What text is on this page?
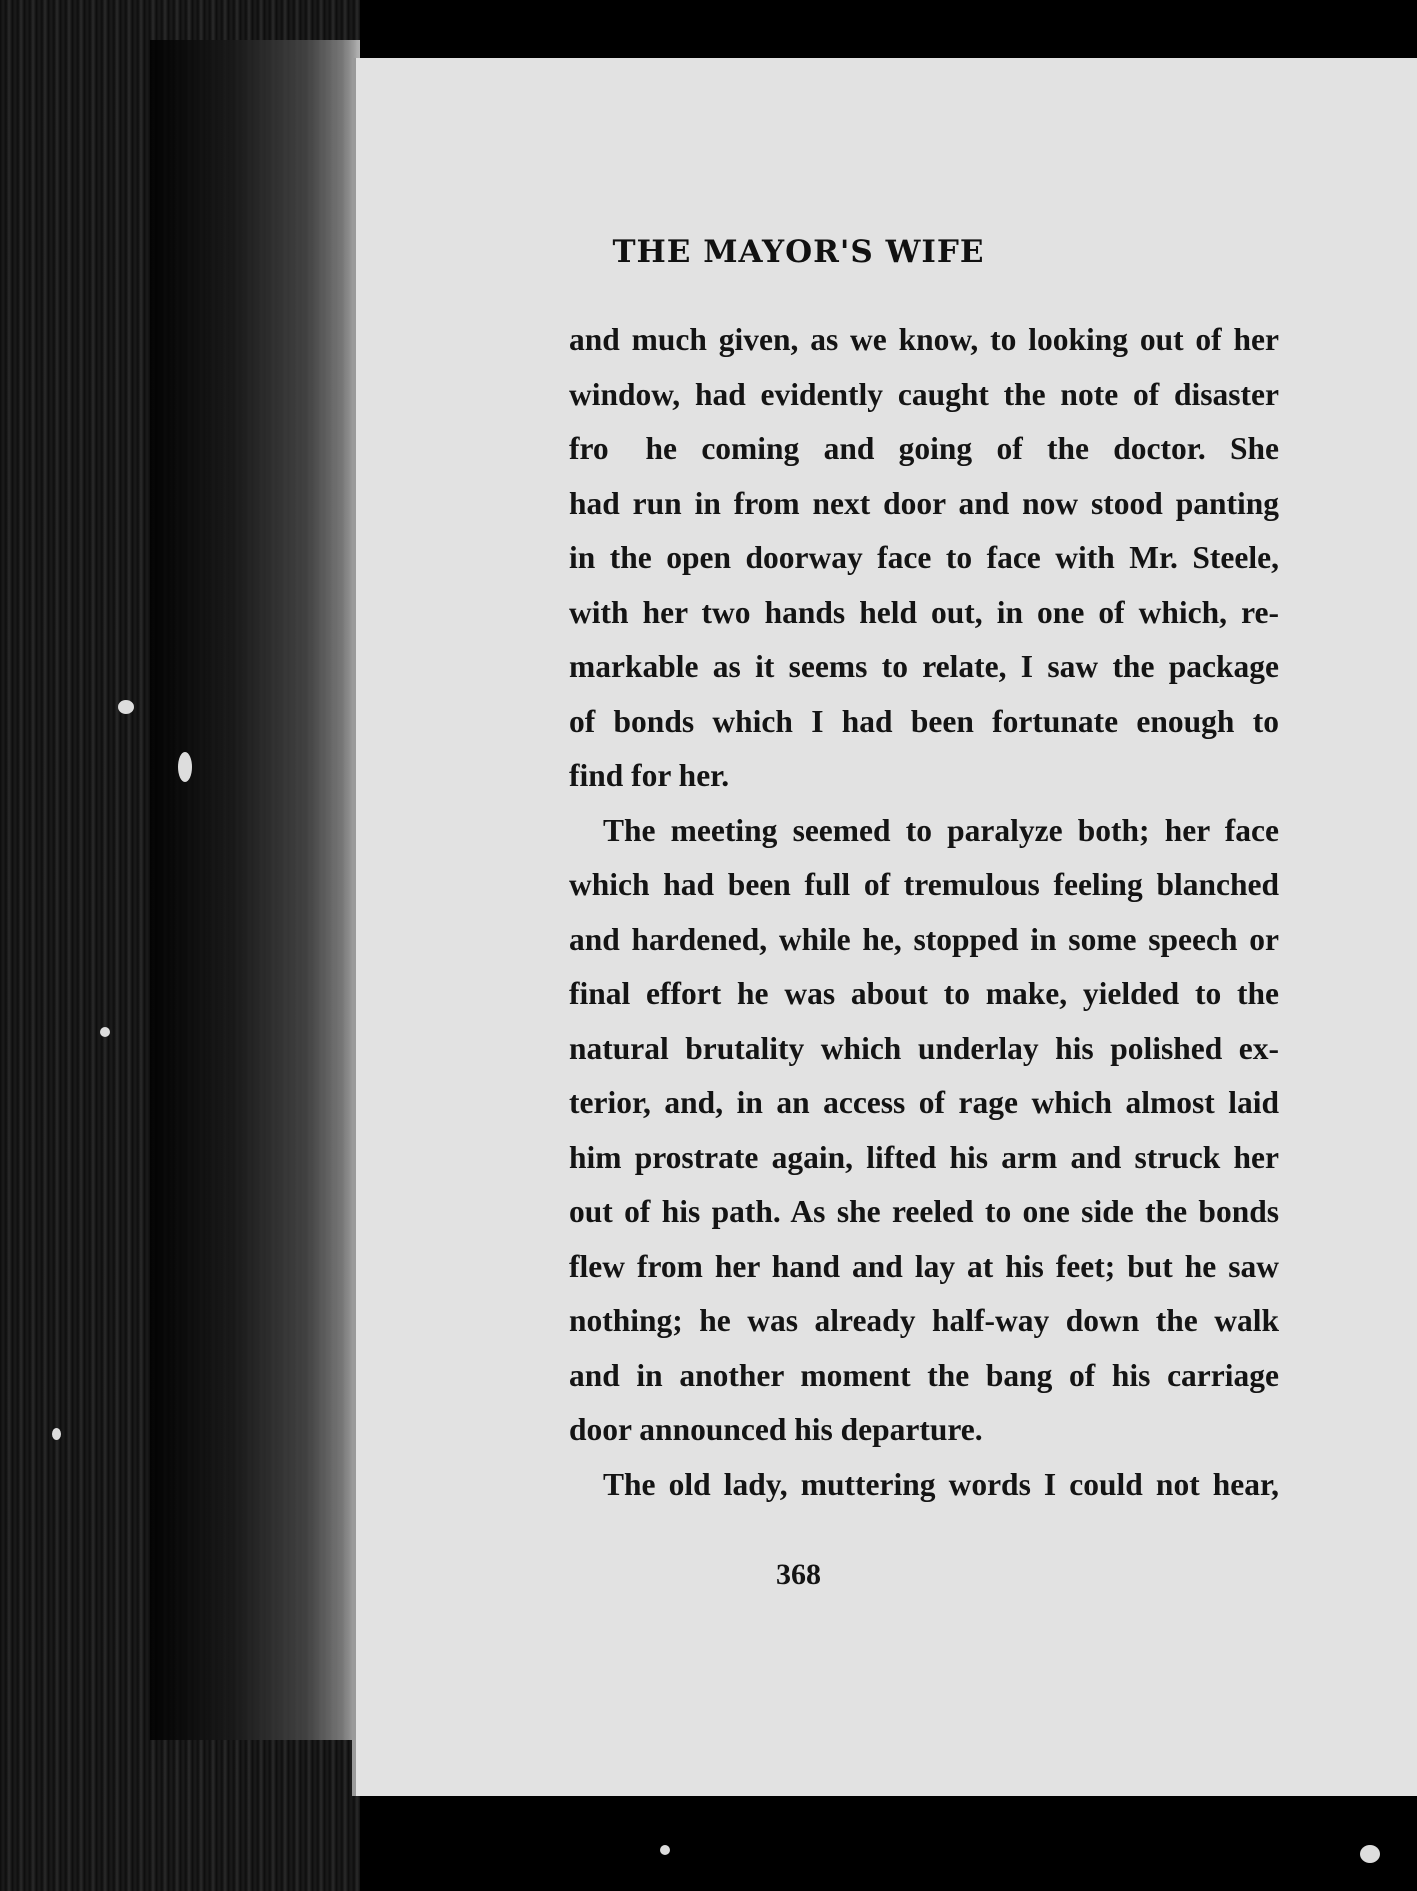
THE MAYOR'S WIFE
and much given, as we know, to looking out of her
window, had evidently caught the note of disaster
fro   he coming and going of the doctor. She
had run in from next door and now stood panting
in the open doorway face to face with Mr. Steele,
with her two hands held out, in one of which, re-
markable as it seems to relate, I saw the package
of bonds which I had been fortunate enough to
find for her.
The meeting seemed to paralyze both; her face
which had been full of tremulous feeling blanched
and hardened, while he, stopped in some speech or
final effort he was about to make, yielded to the
natural brutality which underlay his polished ex-
terior, and, in an access of rage which almost laid
him prostrate again, lifted his arm and struck her
out of his path. As she reeled to one side the bonds
flew from her hand and lay at his feet; but he saw
nothing; he was already half-way down the walk
and in another moment the bang of his carriage
door announced his departure.
The old lady, muttering words I could not hear,
368
